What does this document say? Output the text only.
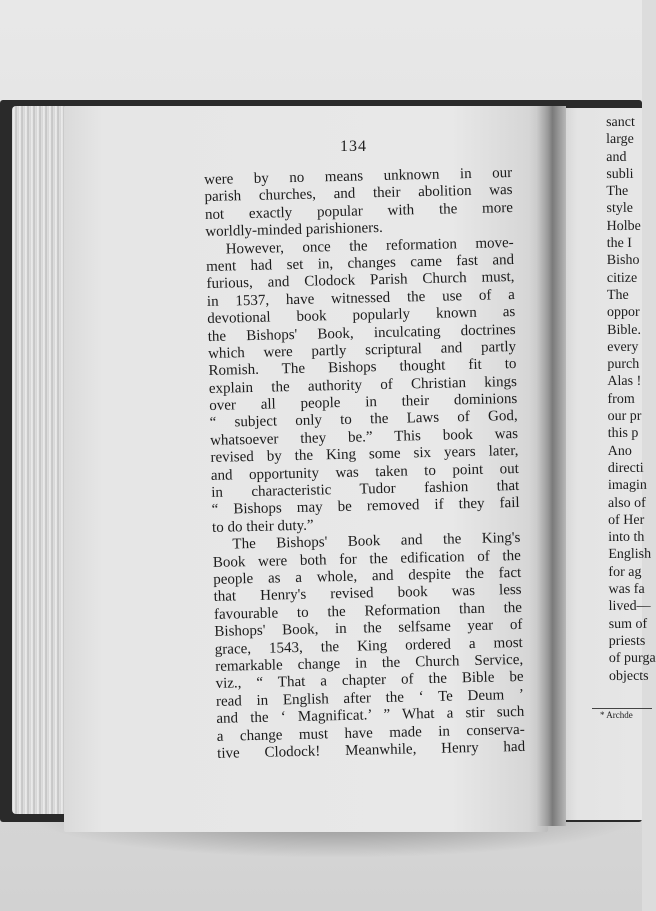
sanct
large
and
subli
The
style
Holbe
the I
Bisho
citize
The
oppor
Bible.
every
purch
Alas !
from
our pr
this p
Ano
directi
imagin
also of
of Her
into th
English
for ag
was fa
lived—
sum of
priests
of purga
objects
134
were by no means unknown in our
parish churches, and their abolition was
not exactly popular with the more
worldly-minded parishioners.
However, once the reformation move-
ment had set in, changes came fast and
furious, and Clodock Parish Church must,
in 1537, have witnessed the use of a
devotional book popularly known as
the Bishops' Book, inculcating doctrines
which were partly scriptural and partly
Romish. The Bishops thought fit to
explain the authority of Christian kings
over all people in their dominions
“ subject only to the Laws of God,
whatsoever they be.” This book was
revised by the King some six years later,
and opportunity was taken to point out
in characteristic Tudor fashion that
“ Bishops may be removed if they fail
to do their duty.”
The Bishops' Book and the King's
Book were both for the edification of the
people as a whole, and despite the fact
that Henry's revised book was less
favourable to the Reformation than the
Bishops' Book, in the selfsame year of
grace, 1543, the King ordered a most
remarkable change in the Church Service,
viz., “ That a chapter of the Bible be
read in English after the ‘ Te Deum ’
and the ‘ Magnificat.’ ” What a stir such
a change must have made in conserva-
tive Clodock! Meanwhile, Henry had
* Archde
